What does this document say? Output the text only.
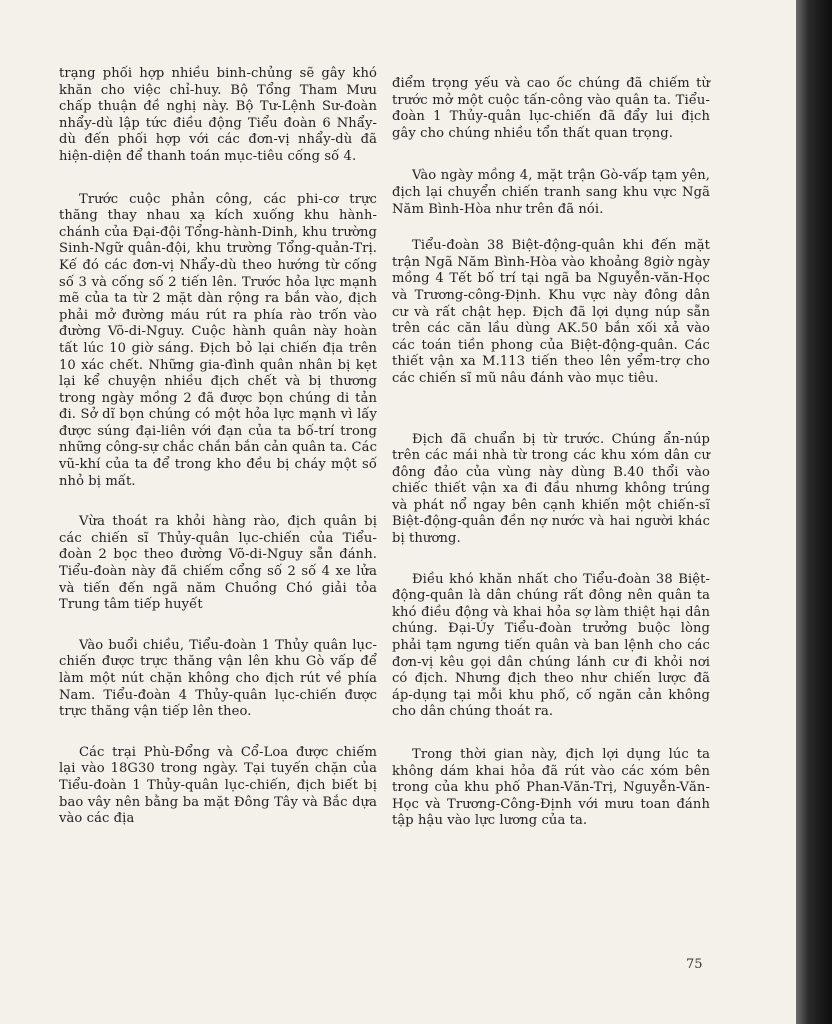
trạng phối hợp nhiều binh-chủng sẽ gây khó khăn cho việc chỉ-huy. Bộ Tổng Tham Mưu chấp thuận đề nghị này. Bộ Tư-Lệnh Sư-đoàn nhẩy-dù lập tức điều động Tiểu đoàn 6 Nhẩy-dù đến phối hợp với các đơn-vị nhẩy-dù đã hiện-diện để thanh toán mục-tiêu cống số 4.

Trước cuộc phản công, các phi-cơ trực thăng thay nhau xạ kích xuống khu hành-chánh của Đại-đội Tổng-hành-Dinh, khu trường Sinh-Ngữ quân-đội, khu trường Tổng-quản-Trị. Kế đó các đơn-vị Nhẩy-dù theo hướng từ cống số 3 và cống số 2 tiến lên. Trước hỏa lực mạnh mẽ của ta từ 2 mặt dàn rộng ra bắn vào, địch phải mở đường máu rút ra phía rào trốn vào đường Võ-di-Nguy. Cuộc hành quân này hoàn tất lúc 10 giờ sáng. Địch bỏ lại chiến địa trên 10 xác chết. Những gia-đình quân nhân bị kẹt lại kể chuyện nhiều địch chết và bị thương trong ngày mồng 2 đã được bọn chúng di tản đi. Sở dĩ bọn chúng có một hỏa lực mạnh vì lấy được súng đại-liên với đạn của ta bố-trí trong những công-sự chắc chắn bắn cản quân ta. Các vũ-khí của ta để trong kho đều bị cháy một số nhỏ bị mất.

Vừa thoát ra khỏi hàng rào, địch quân bị các chiến sĩ Thủy-quân lục-chiến của Tiểu-đoàn 2 bọc theo đường Võ-di-Nguy sẵn đánh. Tiểu-đoàn này đã chiếm cổng số 2 số 4 xe lửa và tiến đến ngã năm Chuồng Chó giải tỏa Trung tâm tiếp huyết

Vào buổi chiều, Tiểu-đoàn 1 Thủy quân lục-chiến được trực thăng vận lên khu Gò vấp để làm một nút chặn không cho địch rút về phía Nam. Tiểu-đoàn 4 Thủy-quân lục-chiến được trực thăng vận tiếp lên theo.

Các trại Phù-Đổng và Cổ-Loa được chiếm lại vào 18G30 trong ngày. Tại tuyến chặn của Tiểu-đoàn 1 Thủy-quân lục-chiến, địch biết bị bao vây nên bằng ba mặt Đông Tây và Bắc dựa vào các địa

điểm trọng yếu và cao ốc chúng đã chiếm từ trước mở một cuộc tấn-công vào quân ta. Tiểu-đoàn 1 Thủy-quân lục-chiến đã đẩy lui địch gây cho chúng nhiều tổn thất quan trọng.

Vào ngày mồng 4, mặt trận Gò-vấp tạm yên, địch lại chuyển chiến tranh sang khu vực Ngã Năm Bình-Hòa như trên đã nói.

Tiểu-đoàn 38 Biệt-động-quân khi đến mặt trận Ngã Năm Bình-Hòa vào khoảng 8giờ ngày mồng 4 Tết bố trí tại ngã ba Nguyễn-văn-Học và Trương-công-Định. Khu vực này đông dân cư và rất chật hẹp. Địch đã lợi dụng núp sẵn trên các căn lầu dùng AK.50 bắn xối xả vào các toán tiền phong của Biệt-động-quân. Các thiết vận xa M.113 tiến theo lên yểm-trợ cho các chiến sĩ mũ nâu đánh vào mục tiêu.

Địch đã chuẩn bị từ trước. Chúng ẩn-núp trên các mái nhà từ trong các khu xóm dân cư đông đảo của vùng này dùng B.40 thổi vào chiếc thiết vận xa đi đầu nhưng không trúng và phát nổ ngay bên cạnh khiến một chiến-sĩ Biệt-động-quân đền nợ nước và hai người khác bị thương.

Điều khó khăn nhất cho Tiểu-đoàn 38 Biệt-động-quân là dân chúng rất đông nên quân ta khó điều động và khai hỏa sợ làm thiệt hại dân chúng. Đại-Úy Tiểu-đoàn trưởng buộc lòng phải tạm ngưng tiến quân và ban lệnh cho các đơn-vị kêu gọi dân chúng lánh cư đi khỏi nơi có địch. Nhưng địch theo như chiến lược đã áp-dụng tại mỗi khu phố, cố ngăn cản không cho dân chúng thoát ra.

Trong thời gian này, địch lợi dụng lúc ta không dám khai hỏa đã rút vào các xóm bên trong của khu phố Phan-Văn-Trị, Nguyễn-Văn-Học và Trương-Công-Định với mưu toan đánh tập hậu vào lực lương của ta.

75
